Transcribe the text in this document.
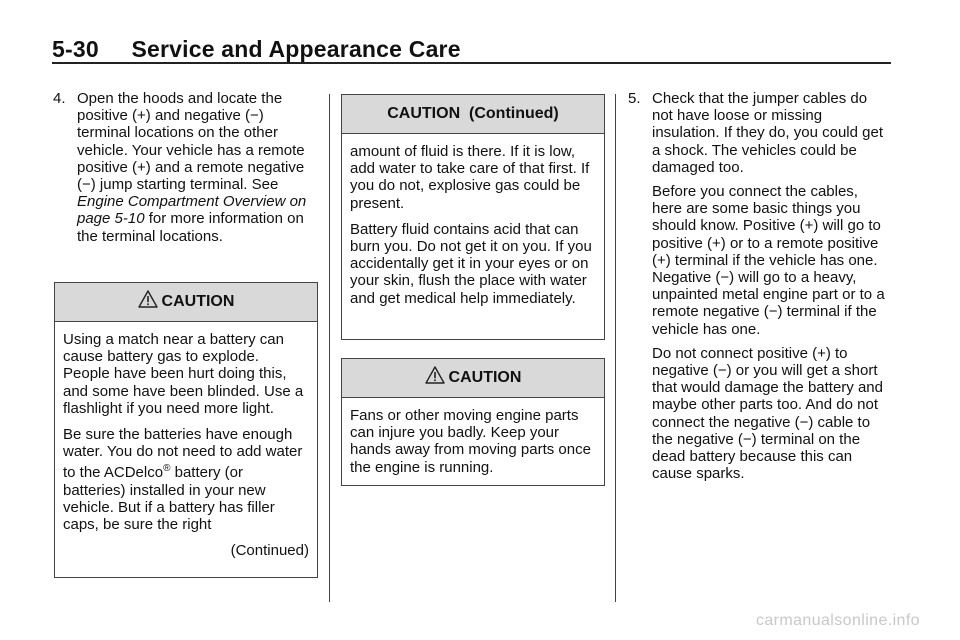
5-30 Service and Appearance Care
4. Open the hoods and locate the positive (+) and negative (−) terminal locations on the other vehicle. Your vehicle has a remote positive (+) and a remote negative (−) jump starting terminal. See Engine Compartment Overview on page 5‑10 for more information on the terminal locations.
CAUTION

Using a match near a battery can cause battery gas to explode. People have been hurt doing this, and some have been blinded. Use a flashlight if you need more light.

Be sure the batteries have enough water. You do not need to add water to the ACDelco® battery (or batteries) installed in your new vehicle. But if a battery has filler caps, be sure the right

(Continued)
CAUTION  (Continued)

amount of fluid is there. If it is low, add water to take care of that first. If you do not, explosive gas could be present.

Battery fluid contains acid that can burn you. Do not get it on you. If you accidentally get it in your eyes or on your skin, flush the place with water and get medical help immediately.

CAUTION

Fans or other moving engine parts can injure you badly. Keep your hands away from moving parts once the engine is running.

5. Check that the jumper cables do not have loose or missing insulation. If they do, you could get a shock. The vehicles could be damaged too.

Before you connect the cables, here are some basic things you should know. Positive (+) will go to positive (+) or to a remote positive (+) terminal if the vehicle has one. Negative (−) will go to a heavy, unpainted metal engine part or to a remote negative (−) terminal if the vehicle has one.

Do not connect positive (+) to negative (−) or you will get a short that would damage the battery and maybe other parts too. And do not connect the negative (−) cable to the negative (−) terminal on the dead battery because this can cause sparks.

carmanualsonline.info
